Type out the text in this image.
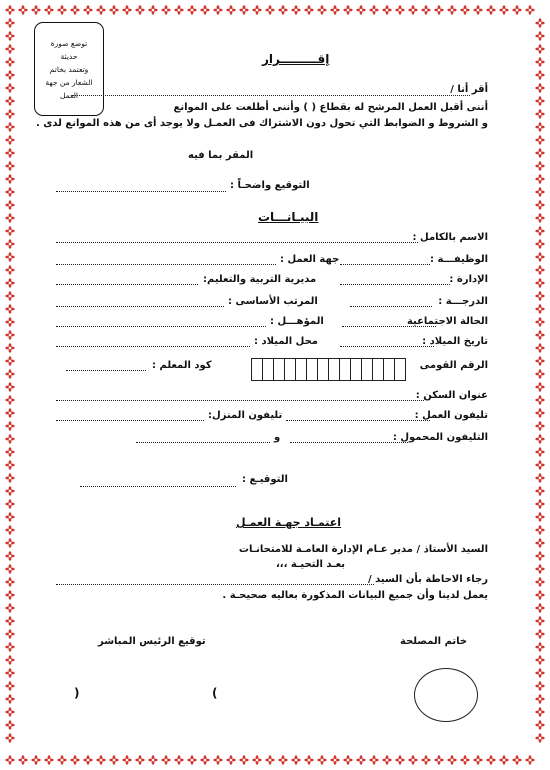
توضع صورة
حديثة
وتعتمد بخاتم
الشعار من جهة
العمل
إقـــــــــرار
أقر أنا /
أننى أقبل العمل المرشح له بقطاع ( ) وأننى أطلعت على الموانع
و الشروط و الضوابط التي تحول دون الاشتراك فى العمـل ولا يوجد أى من هذه الموانع لدى .
المقر بما فيه
التوقيع واضحـاً :
البيـانـــات
الاسم بالكامل :
الوظيفـــة :
جهة العمل :
الإدارة :
مديرية التربية والتعليم:
الدرجـــة :
المرتب الأساسى :
الحالة الاجتماعية
المؤهـــل :
تاريخ الميلاد :
محل الميلاد :
الرقم القومى
كود المعلم :
عنوان السكن :
تليفون العمل :
تليفون المنزل:
التليفون المحمول :
و
التوقيـع :
اعتمـاد جهـة العمـل
السيد الأستاذ / مدير عـام الإدارة العامـة للامتحانـات
بعـد التحيـة ،،،
رجاء الاحاطة بأن السيد /
يعمل لدينا وأن جميع البيانات المذكورة بعاليه صحيحـة .
خاتم المصلحة
توقيع الرئيس المباشر
(	)
